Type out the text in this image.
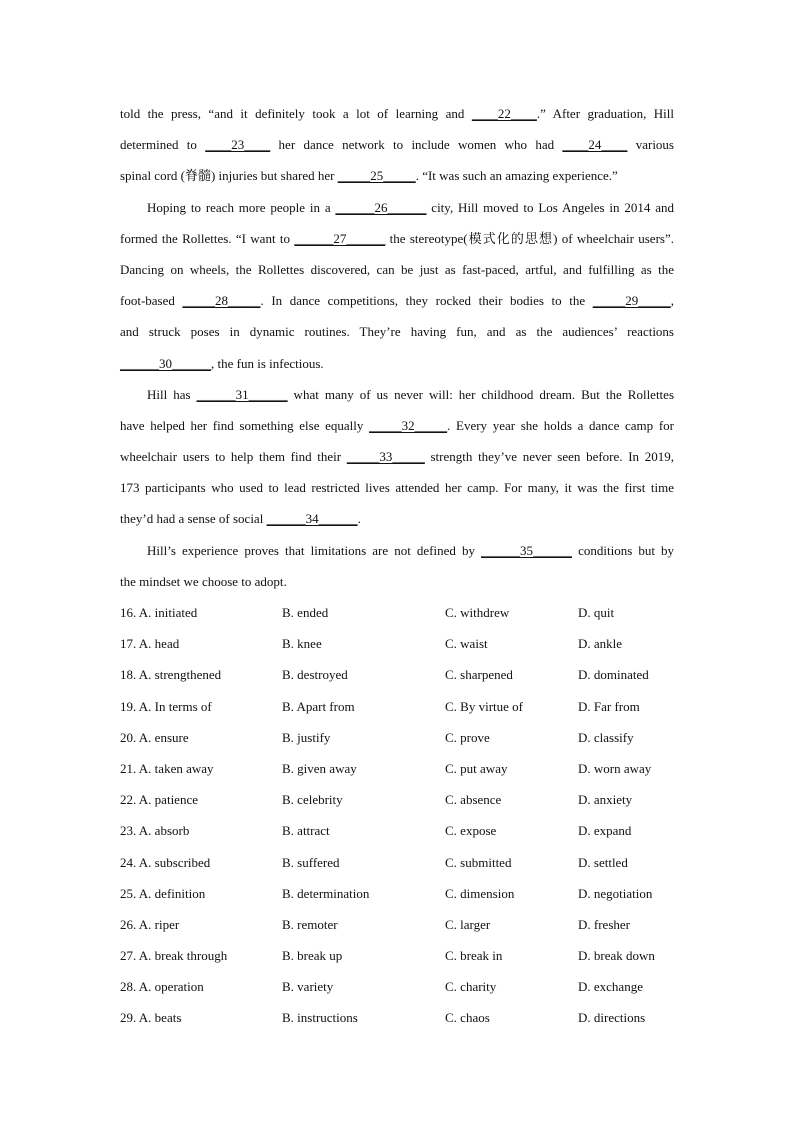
told the press, “and it definitely took a lot of learning and ____22____.” After graduation, Hill
determined to ____23____ her dance network to include women who had ____24____ various
spinal cord (脊髓) injuries but shared her _____25_____. “It was such an amazing experience.”
Hoping to reach more people in a ______26______ city, Hill moved to Los Angeles in 2014 and
formed the Rollettes. “I want to ______27______ the stereotype(模式化的思想) of wheelchair users”.
Dancing on wheels, the Rollettes discovered, can be just as fast-paced, artful, and fulfilling as the
foot-based _____28_____. In dance competitions, they rocked their bodies to the _____29_____,
and struck poses in dynamic routines. They’re having fun, and as the audiences’ reactions
______30______, the fun is infectious.
Hill has ______31______ what many of us never will: her childhood dream. But the Rollettes
have helped her find something else equally _____32_____. Every year she holds a dance camp for
wheelchair users to help them find their _____33_____ strength they’ve never seen before. In 2019,
173 participants who used to lead restricted lives attended her camp. For many, it was the first time
they’d had a sense of social ______34______.
Hill’s experience proves that limitations are not defined by ______35______ conditions but by
the mindset we choose to adopt.
16. A. initiated	B. ended	C. withdrew	D. quit
17. A. head	B. knee	C. waist	D. ankle
18. A. strengthened	B. destroyed	C. sharpened	D. dominated
19. A. In terms of	B. Apart from	C. By virtue of	D. Far from
20. A. ensure	B. justify	C. prove	D. classify
21. A. taken away	B. given away	C. put away	D. worn away
22. A. patience	B. celebrity	C. absence	D. anxiety
23. A. absorb	B. attract	C. expose	D. expand
24. A. subscribed	B. suffered	C. submitted	D. settled
25. A. definition	B. determination	C. dimension	D. negotiation
26. A. riper	B. remoter	C. larger	D. fresher
27. A. break through	B. break up	C. break in	D. break down
28. A. operation	B. variety	C. charity	D. exchange
29. A. beats	B. instructions	C. chaos	D. directions
